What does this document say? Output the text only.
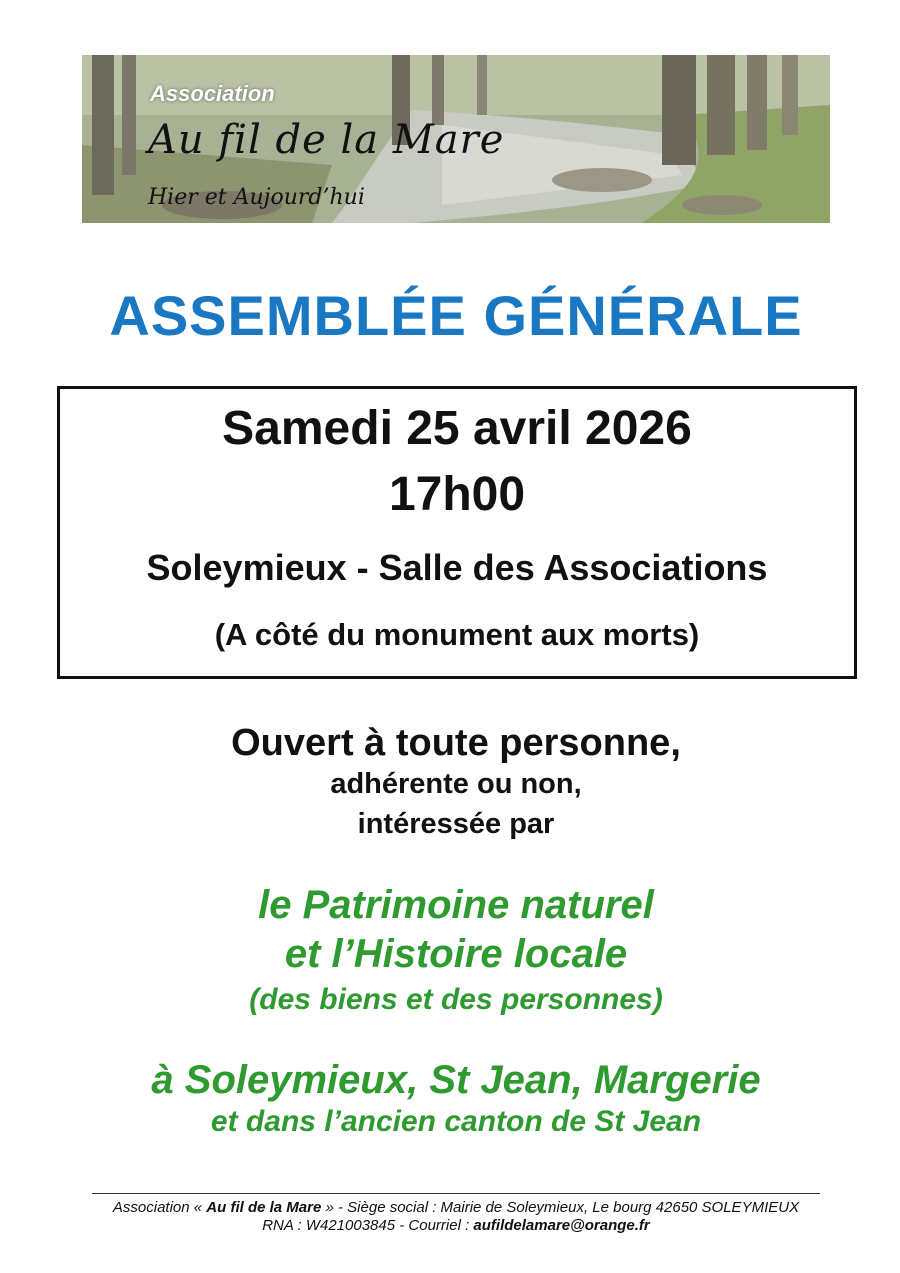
Association
Au fil de la Mare
Hier et Aujourd’hui
ASSEMBLÉE GÉNÉRALE
Samedi 25 avril 2026
17h00
Soleymieux - Salle des Associations
(A côté du monument aux morts)
Ouvert à toute personne,
adhérente ou non,
intéressée par
le Patrimoine naturel
et l’Histoire locale
(des biens et des personnes)
à Soleymieux, St Jean, Margerie
et dans l’ancien canton de St Jean
Association « Au fil de la Mare » - Siège social : Mairie de Soleymieux, Le bourg 42650 SOLEYMIEUX
RNA : W421003845 - Courriel : aufildelamare@orange.fr
